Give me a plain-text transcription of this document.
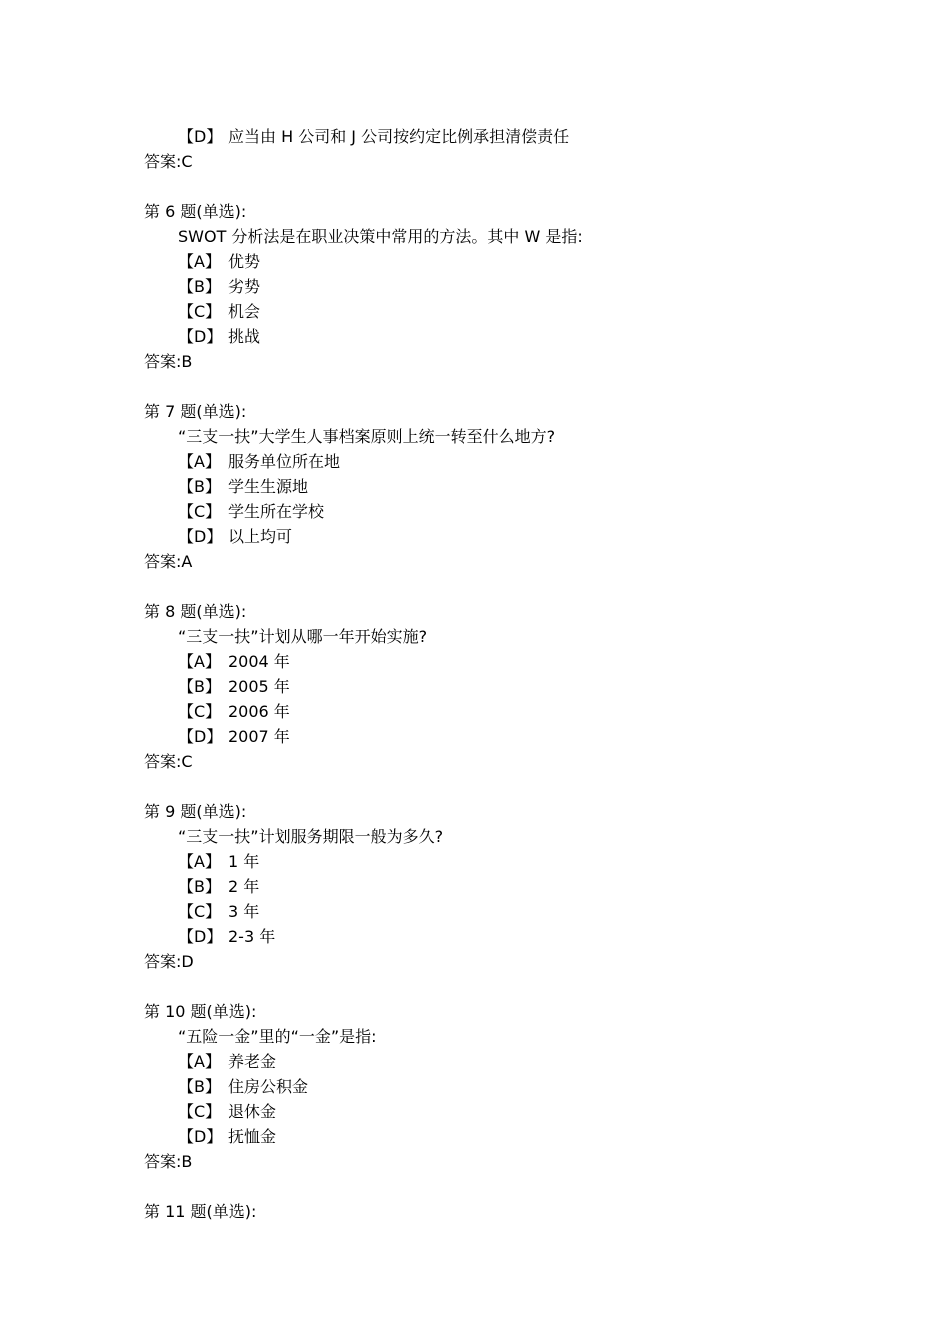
【D】 应当由 H 公司和 J 公司按约定比例承担清偿责任
答案:C
第 6 题(单选):
SWOT 分析法是在职业决策中常用的方法。其中 W 是指:
【A】 优势
【B】 劣势
【C】 机会
【D】 挑战
答案:B
第 7 题(单选):
“三支一扶”大学生人事档案原则上统一转至什么地方?
【A】 服务单位所在地
【B】 学生生源地
【C】 学生所在学校
【D】 以上均可
答案:A
第 8 题(单选):
“三支一扶”计划从哪一年开始实施?
【A】 2004 年
【B】 2005 年
【C】 2006 年
【D】 2007 年
答案:C
第 9 题(单选):
“三支一扶”计划服务期限一般为多久?
【A】 1 年
【B】 2 年
【C】 3 年
【D】 2-3 年
答案:D
第 10 题(单选):
“五险一金”里的“一金”是指:
【A】 养老金
【B】 住房公积金
【C】 退休金
【D】 抚恤金
答案:B
第 11 题(单选):
